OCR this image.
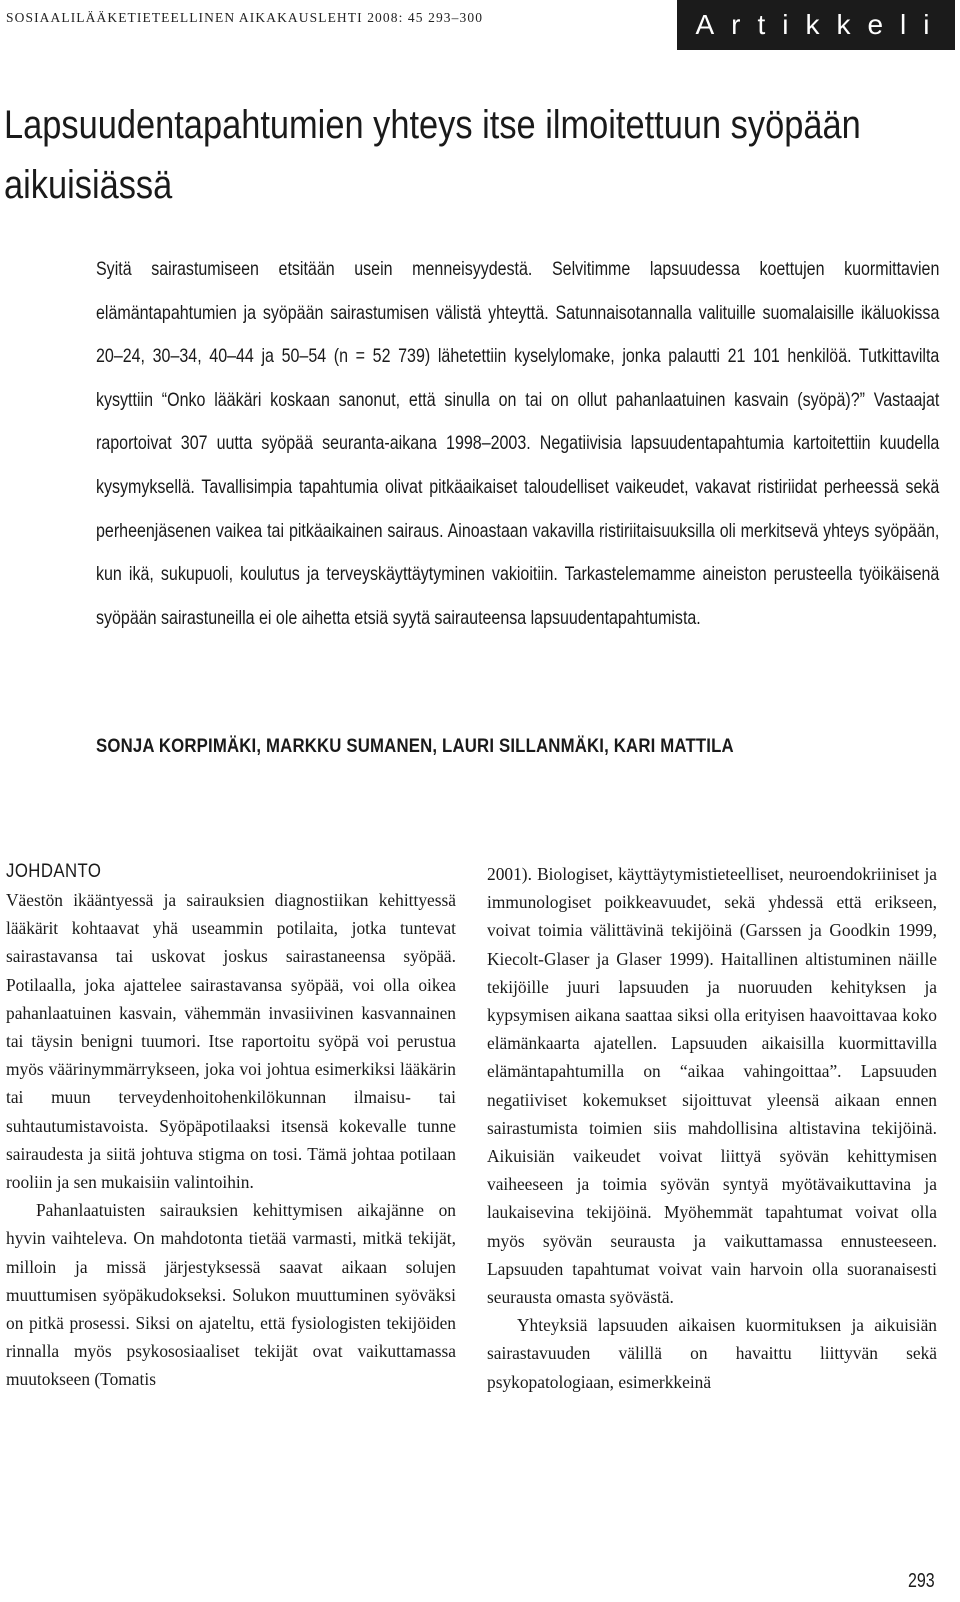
SOSIAALILÄÄKETIETEELLINEN AIKAKAUSLEHTI 2008: 45 293–300	Artikkeli
Lapsuudentapahtumien yhteys itse ilmoitettuun syöpään aikuisiässä

Syitä sairastumiseen etsitään usein menneisyydestä. Selvitimme lapsuudessa koettujen kuormittavien elämäntapahtumien ja syöpään sairastumisen välistä yhteyttä. Satunnaisotannalla valituille suomalaisille ikäluokissa 20–24, 30–34, 40–44 ja 50–54 (n = 52 739) lähetettiin kyselylomake, jonka palautti 21 101 henkilöä. Tutkittavilta kysyttiin “Onko lääkäri koskaan sanonut, että sinulla on tai on ollut pahanlaatuinen kasvain (syöpä)?” Vastaajat raportoivat 307 uutta syöpää seuranta-aikana 1998–2003. Negatiivisia lapsuudentapahtumia kartoitettiin kuudella kysymyksellä. Tavallisimpia tapahtumia olivat pitkäaikaiset taloudelliset vaikeudet, vakavat ristiriidat perheessä sekä perheenjäsenen vaikea tai pitkäaikainen sairaus. Ainoastaan vakavilla ristiriitaisuuksilla oli merkitsevä yhteys syöpään, kun ikä, sukupuoli, koulutus ja terveyskäyttäytyminen vakioitiin. Tarkastelemamme aineiston perusteella työikäisenä syöpään sairastuneilla ei ole aihetta etsiä syytä sairauteensa lapsuudentapahtumista.

SONJA KORPIMÄKI, MARKKU SUMANEN, LAURI SILLANMÄKI, KARI MATTILA

JOHDANTO

Väestön ikääntyessä ja sairauksien diagnostiikan kehittyessä lääkärit kohtaavat yhä useammin potilaita, jotka tuntevat sairastavansa tai uskovat joskus sairastaneensa syöpää. Potilaalla, joka ajattelee sairastavansa syöpää, voi olla oikea pahanlaatuinen kasvain, vähemmän invasiivinen kasvannainen tai täysin benigni tuumori. Itse raportoitu syöpä voi perustua myös väärinymmärrykseen, joka voi johtua esimerkiksi lääkärin tai muun terveydenhoitohenkilökunnan ilmaisu- tai suhtautumistavoista. Syöpäpotilaaksi itsensä kokevalle tunne sairaudesta ja siitä johtuva stigma on tosi. Tämä johtaa potilaan rooliin ja sen mukaisiin valintoihin.

Pahanlaatuisten sairauksien kehittymisen aikajänne on hyvin vaihteleva. On mahdotonta tietää varmasti, mitkä tekijät, milloin ja missä järjestyksessä saavat aikaan solujen muuttumisen syöpäkudokseksi. Solukon muuttuminen syöväksi on pitkä prosessi. Siksi on ajateltu, että fysiologisten tekijöiden rinnalla myös psykososiaaliset tekijät ovat vaikuttamassa muutokseen (Tomatis

2001). Biologiset, käyttäytymistieteelliset, neuroendokriiniset ja immunologiset poikkeavuudet, sekä yhdessä että erikseen, voivat toimia välittävinä tekijöinä (Garssen ja Goodkin 1999, Kiecolt-Glaser ja Glaser 1999). Haitallinen altistuminen näille tekijöille juuri lapsuuden ja nuoruuden kehityksen ja kypsymisen aikana saattaa siksi olla erityisen haavoittavaa koko elämänkaarta ajatellen. Lapsuuden aikaisilla kuormittavilla elämäntapahtumilla on “aikaa vahingoittaa”. Lapsuuden negatiiviset kokemukset sijoittuvat yleensä aikaan ennen sairastumista toimien siis mahdollisina altistavina tekijöinä. Aikuisiän vaikeudet voivat liittyä syövän kehittymisen vaiheeseen ja toimia syövän syntyä myötävaikuttavina ja laukaisevina tekijöinä. Myöhemmät tapahtumat voivat olla myös syövän seurausta ja vaikuttamassa ennusteeseen. Lapsuuden tapahtumat voivat vain harvoin olla suoranaisesti seurausta omasta syövästä.

Yhteyksiä lapsuuden aikaisen kuormituksen ja aikuisiän sairastavuuden välillä on havaittu liittyvän sekä psykopatologiaan, esimerkkeinä

293
